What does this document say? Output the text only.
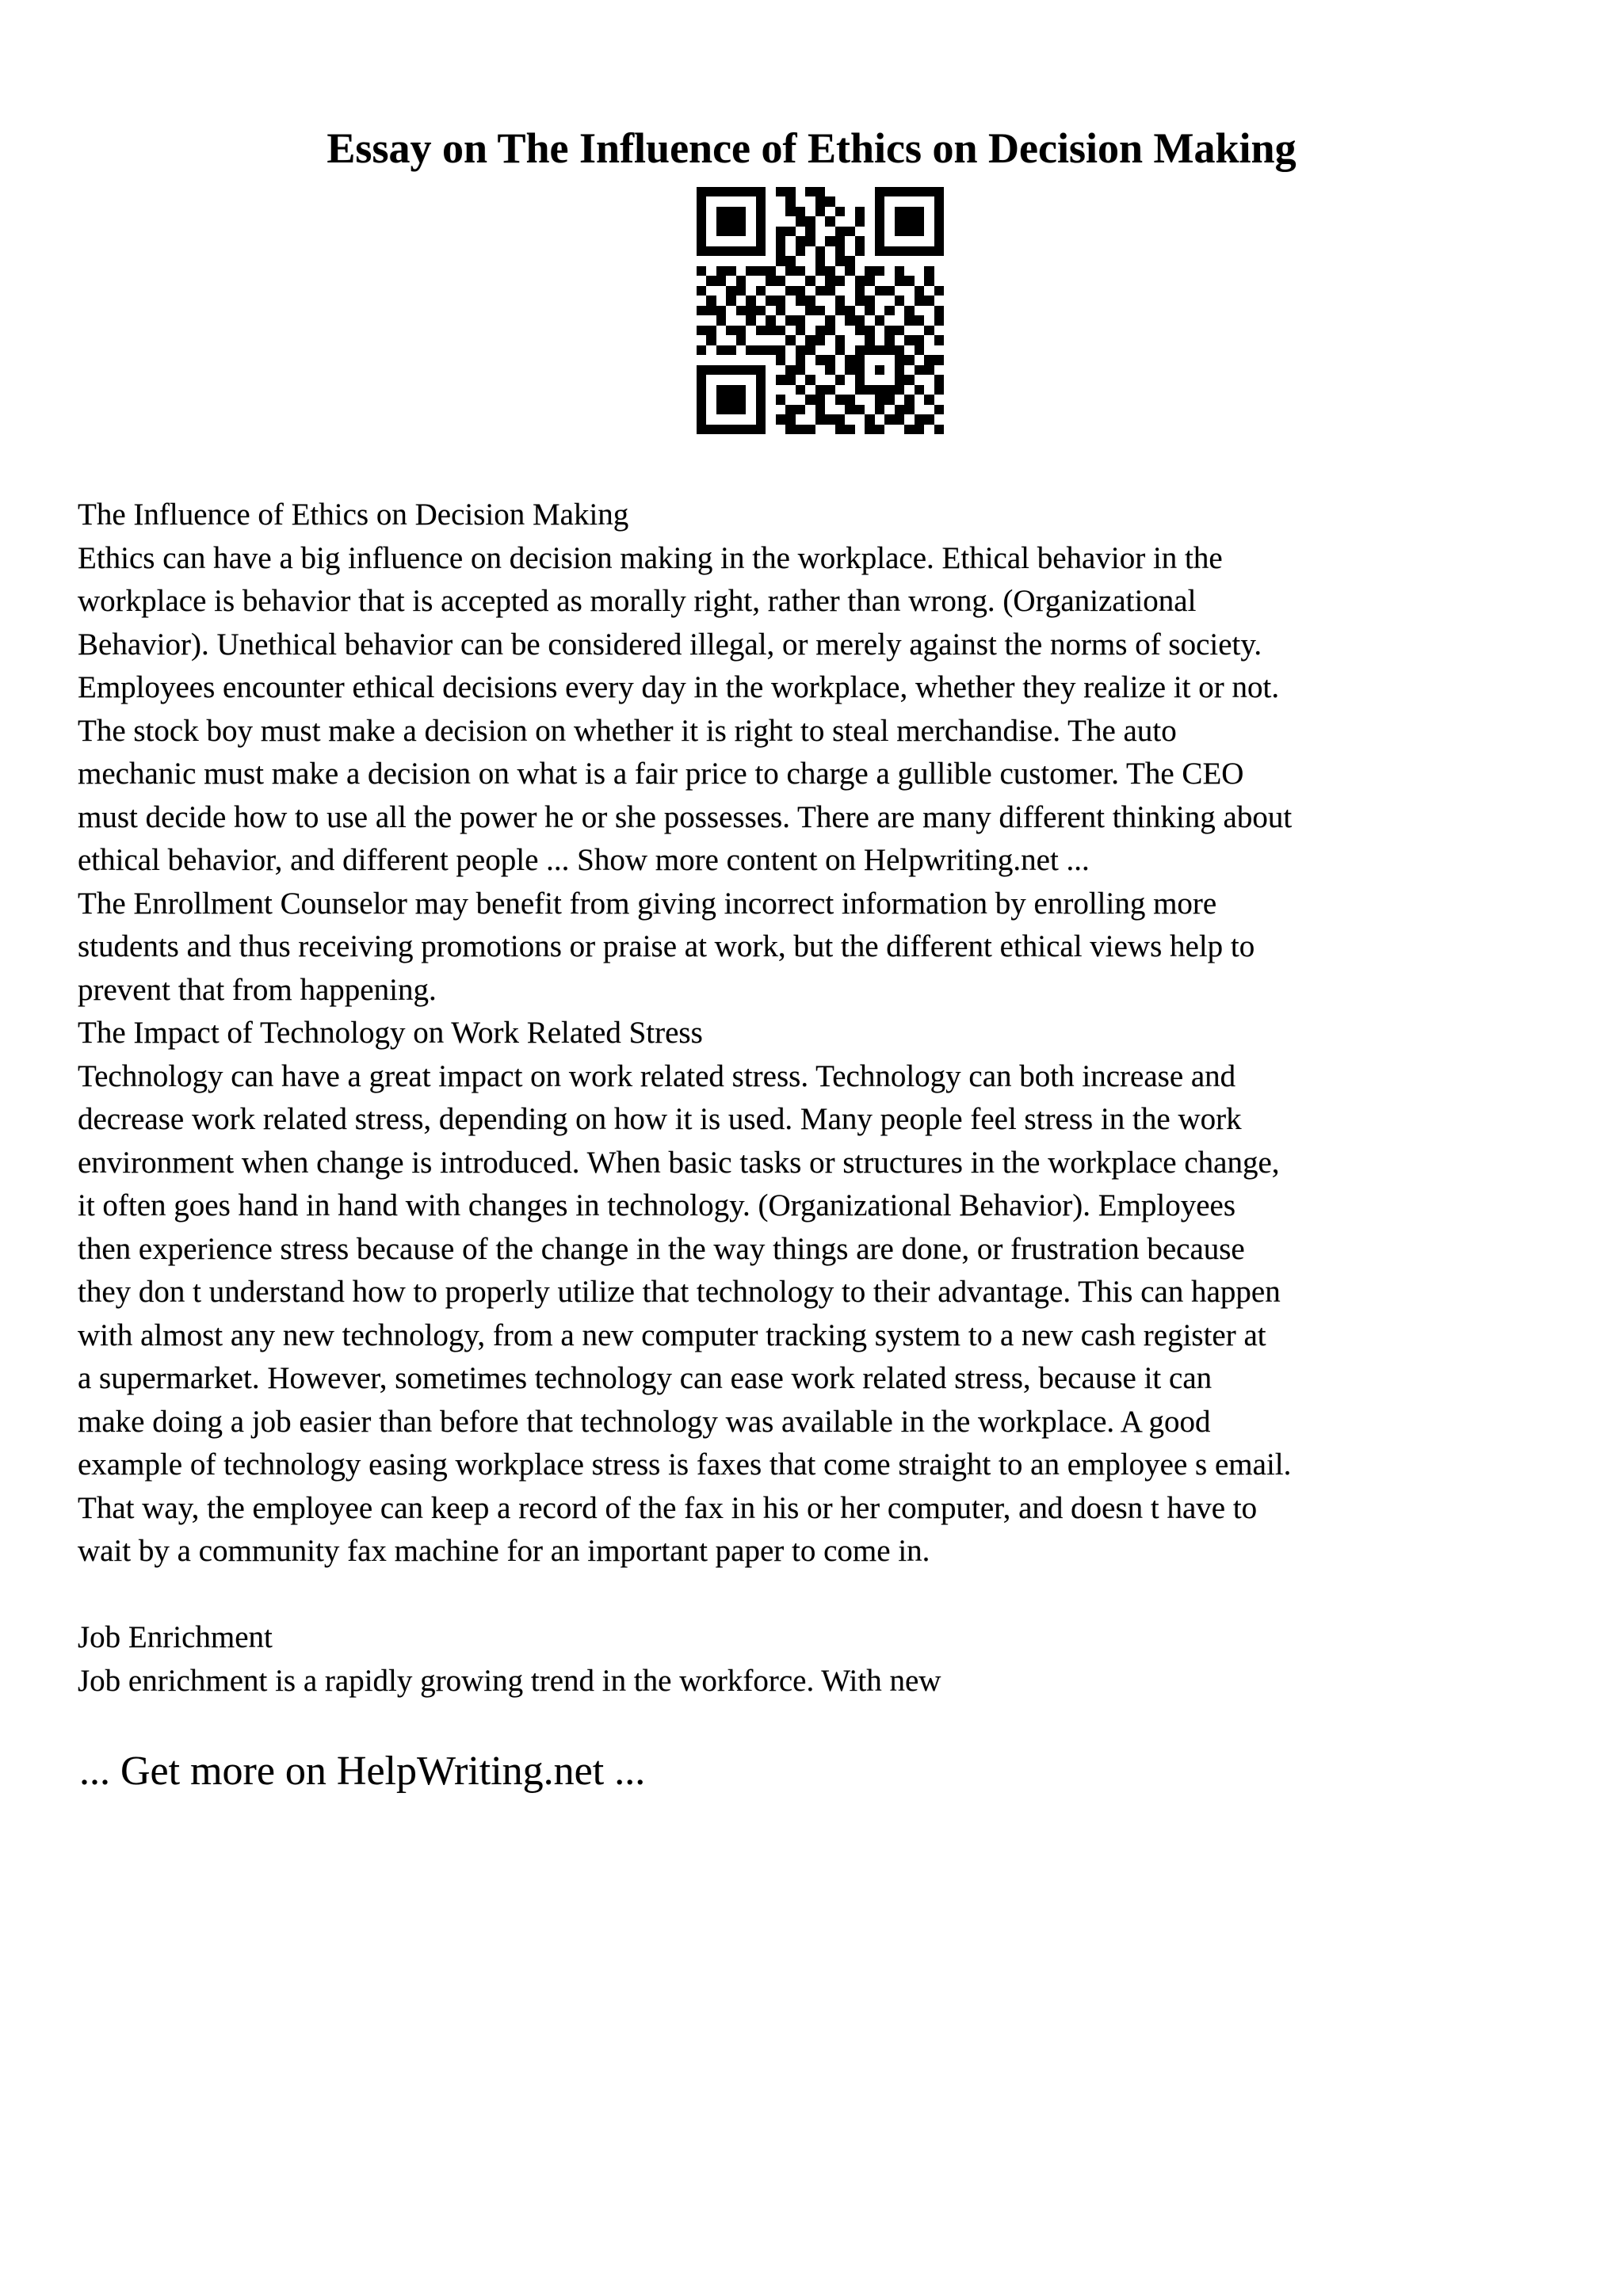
Essay on The Influence of Ethics on Decision Making
The Influence of Ethics on Decision Making
Ethics can have a big influence on decision making in the workplace. Ethical behavior in the
workplace is behavior that is accepted as morally right, rather than wrong. (Organizational
Behavior). Unethical behavior can be considered illegal, or merely against the norms of society.
Employees encounter ethical decisions every day in the workplace, whether they realize it or not.
The stock boy must make a decision on whether it is right to steal merchandise. The auto
mechanic must make a decision on what is a fair price to charge a gullible customer. The CEO
must decide how to use all the power he or she possesses. There are many different thinking about
ethical behavior, and different people ... Show more content on Helpwriting.net ...
The Enrollment Counselor may benefit from giving incorrect information by enrolling more
students and thus receiving promotions or praise at work, but the different ethical views help to
prevent that from happening.
The Impact of Technology on Work Related Stress
Technology can have a great impact on work related stress. Technology can both increase and
decrease work related stress, depending on how it is used. Many people feel stress in the work
environment when change is introduced. When basic tasks or structures in the workplace change,
it often goes hand in hand with changes in technology. (Organizational Behavior). Employees
then experience stress because of the change in the way things are done, or frustration because
they don t understand how to properly utilize that technology to their advantage. This can happen
with almost any new technology, from a new computer tracking system to a new cash register at
a supermarket. However, sometimes technology can ease work related stress, because it can
make doing a job easier than before that technology was available in the workplace. A good
example of technology easing workplace stress is faxes that come straight to an employee s email.
That way, the employee can keep a record of the fax in his or her computer, and doesn t have to
wait by a community fax machine for an important paper to come in.
Job Enrichment
Job enrichment is a rapidly growing trend in the workforce. With new
... Get more on HelpWriting.net ...
